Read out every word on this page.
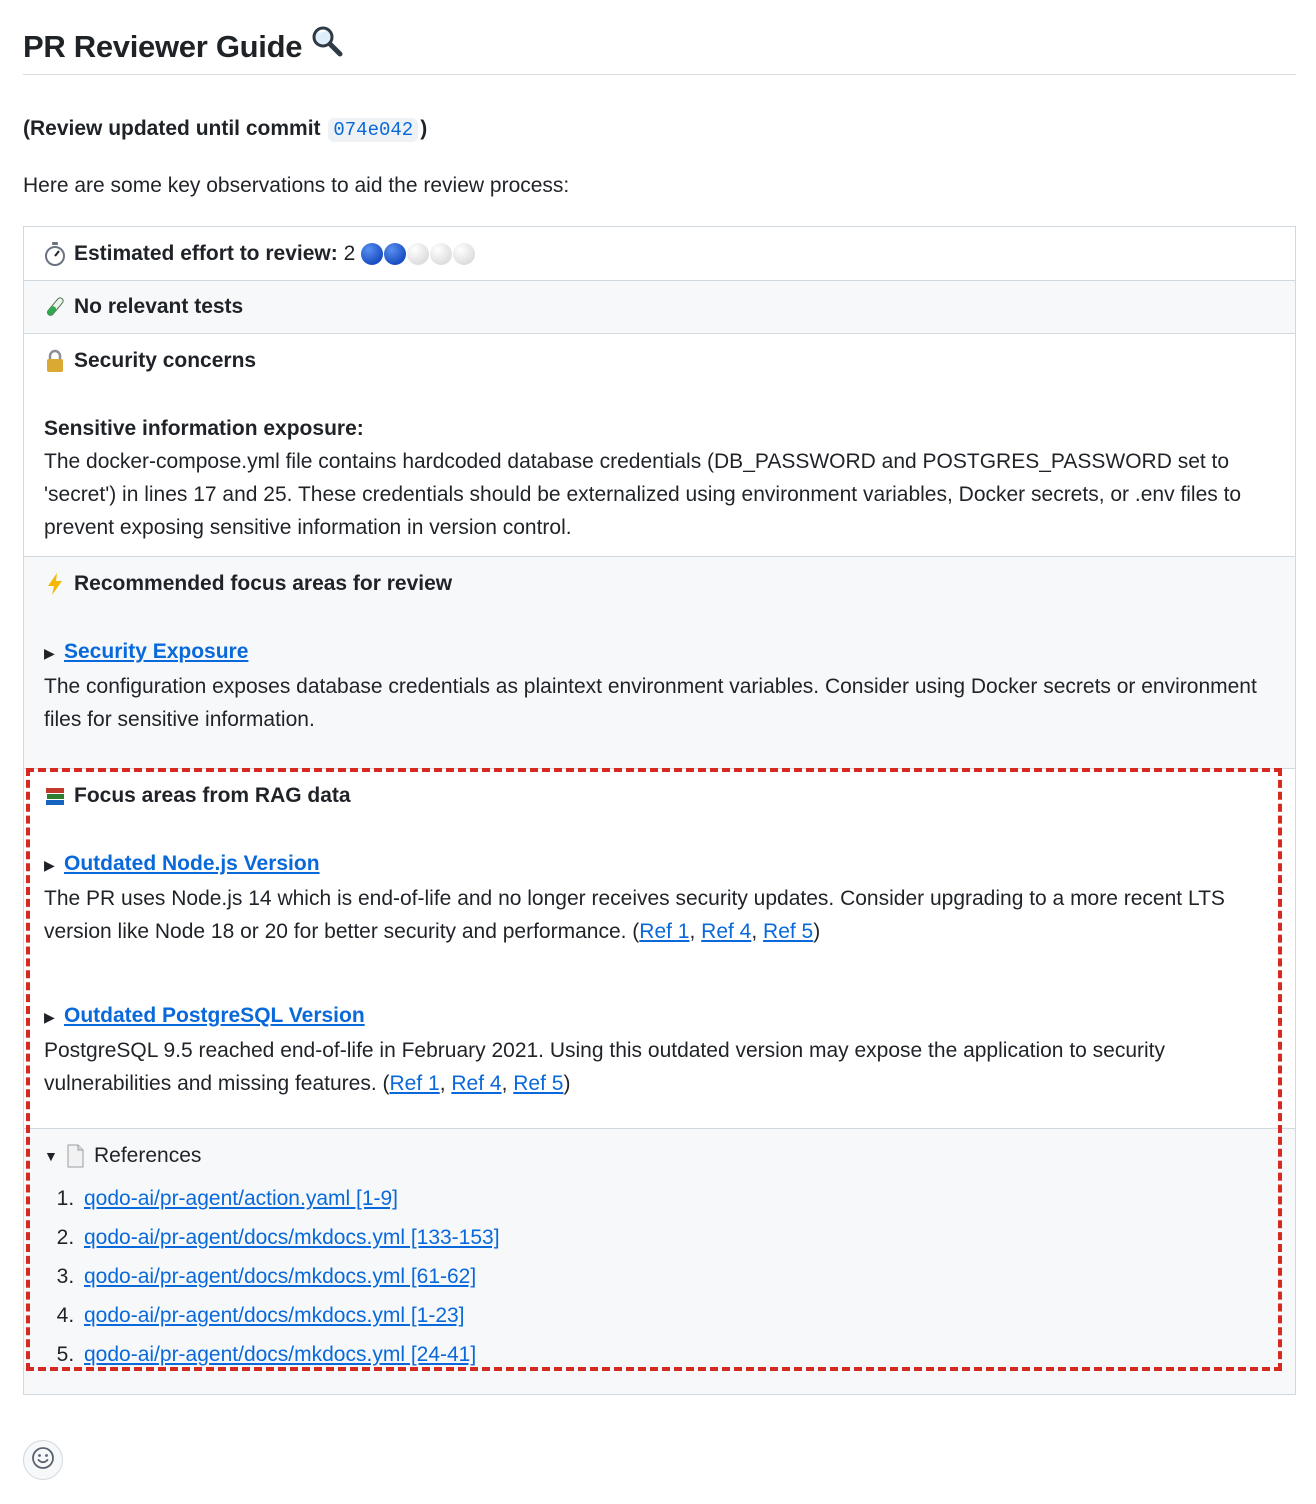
PR Reviewer Guide
(Review updated until commit 074e042 )
Here are some key observations to aid the review process:
Estimated effort to review:
2
No relevant tests
Security concerns

Sensitive information exposure:

The docker-compose.yml file contains hardcoded database credentials (DB_PASSWORD and POSTGRES_PASSWORD set to 'secret') in lines 17 and 25. These credentials should be externalized using environment variables, Docker secrets, or .env files to prevent exposing sensitive information in version control.

Recommended focus areas for review

▶ Security Exposure

The configuration exposes database credentials as plaintext environment variables. Consider using Docker secrets or environment files for sensitive information.

Focus areas from RAG data

▶ Outdated Node.js Version

The PR uses Node.js 14 which is end-of-life and no longer receives security updates. Consider upgrading to a more recent LTS version like Node 18 or 20 for better security and performance. (Ref 1, Ref 4, Ref 5)

▶ Outdated PostgreSQL Version

PostgreSQL 9.5 reached end-of-life in February 2021. Using this outdated version may expose the application to security vulnerabilities and missing features. (Ref 1, Ref 4, Ref 5)

▼ References
1. qodo-ai/pr-agent/action.yaml [1-9]
2. qodo-ai/pr-agent/docs/mkdocs.yml [133-153]
3. qodo-ai/pr-agent/docs/mkdocs.yml [61-62]
4. qodo-ai/pr-agent/docs/mkdocs.yml [1-23]
5. qodo-ai/pr-agent/docs/mkdocs.yml [24-41]
